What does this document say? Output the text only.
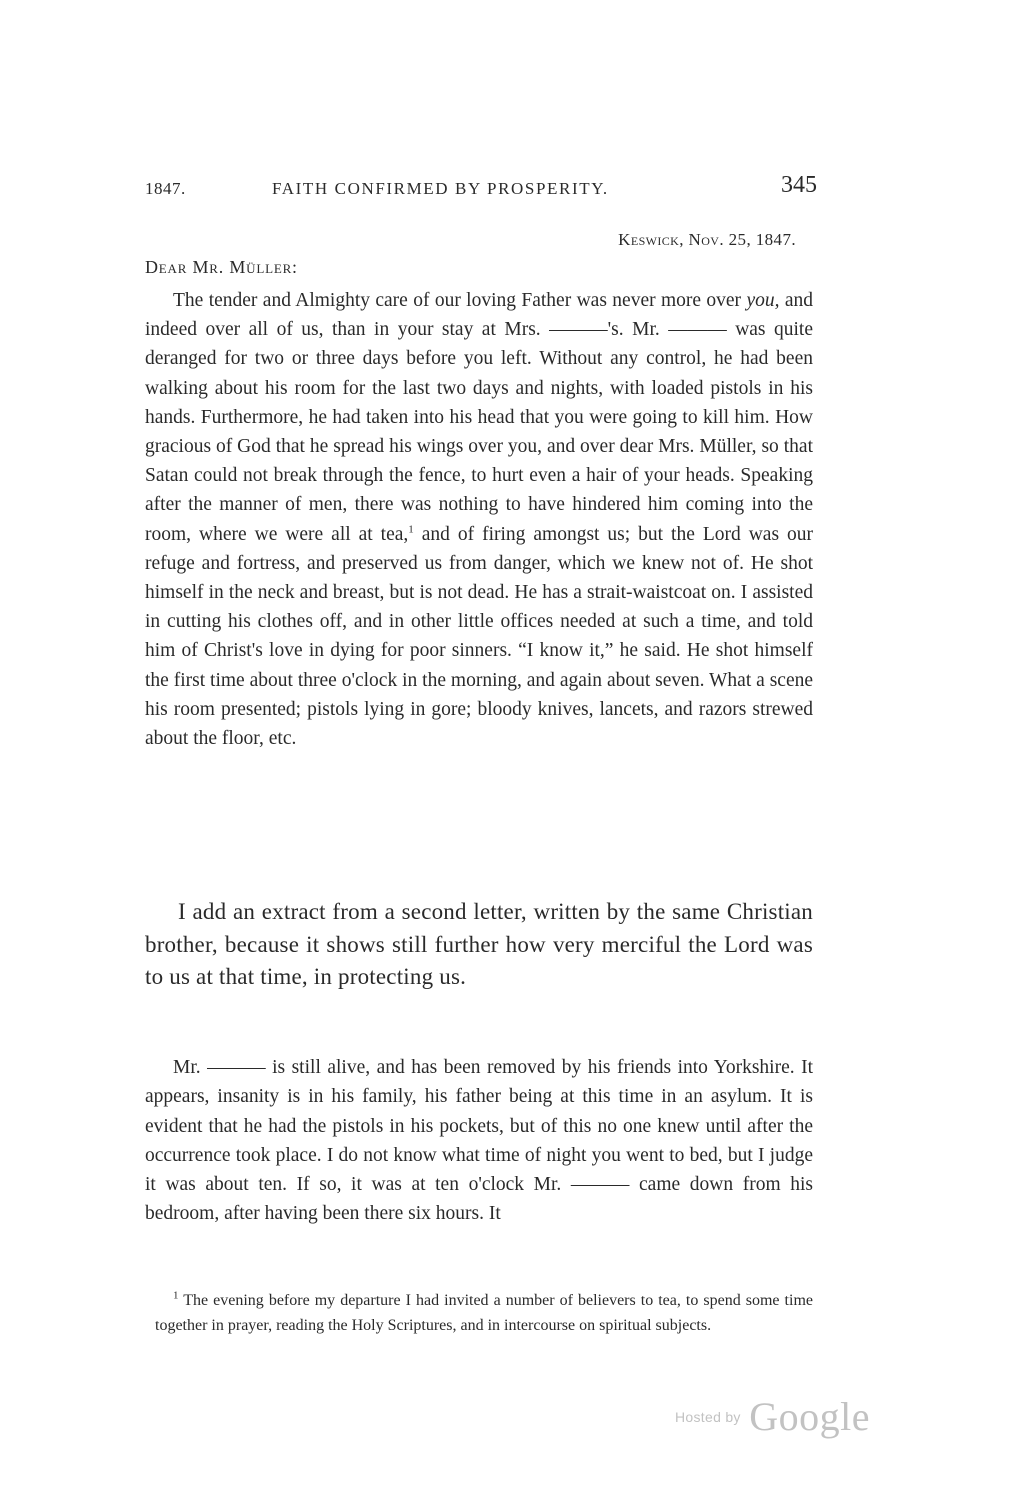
1847.	FAITH CONFIRMED BY PROSPERITY.	345
Keswick, Nov. 25, 1847.
Dear Mr. Müller:

The tender and Almighty care of our loving Father was never more over you, and indeed over all of us, than in your stay at Mrs. ———'s. Mr. ——— was quite deranged for two or three days before you left. Without any control, he had been walking about his room for the last two days and nights, with loaded pistols in his hands. Furthermore, he had taken into his head that you were going to kill him. How gracious of God that he spread his wings over you, and over dear Mrs. Müller, so that Satan could not break through the fence, to hurt even a hair of your heads. Speaking after the manner of men, there was nothing to have hindered him coming into the room, where we were all at tea,$^1$ and of firing amongst us; but the Lord was our refuge and fortress, and preserved us from danger, which we knew not of. He shot himself in the neck and breast, but is not dead. He has a strait-waistcoat on. I assisted in cutting his clothes off, and in other little offices needed at such a time, and told him of Christ's love in dying for poor sinners. “I know it,” he said. He shot himself the first time about three o'clock in the morning, and again about seven. What a scene his room presented; pistols lying in gore; bloody knives, lancets, and razors strewed about the floor, etc.

I add an extract from a second letter, written by the same Christian brother, because it shows still further how very merciful the Lord was to us at that time, in protecting us.

Mr. ——— is still alive, and has been removed by his friends into Yorkshire. It appears, insanity is in his family, his father being at this time in an asylum. It is evident that he had the pistols in his pockets, but of this no one knew until after the occurrence took place. I do not know what time of night you went to bed, but I judge it was about ten. If so, it was at ten o'clock Mr. ——— came down from his bedroom, after having been there six hours. It

$^1$ The evening before my departure I had invited a number of believers to tea, to spend some time together in prayer, reading the Holy Scriptures, and in intercourse on spiritual subjects.

Hosted by Google
